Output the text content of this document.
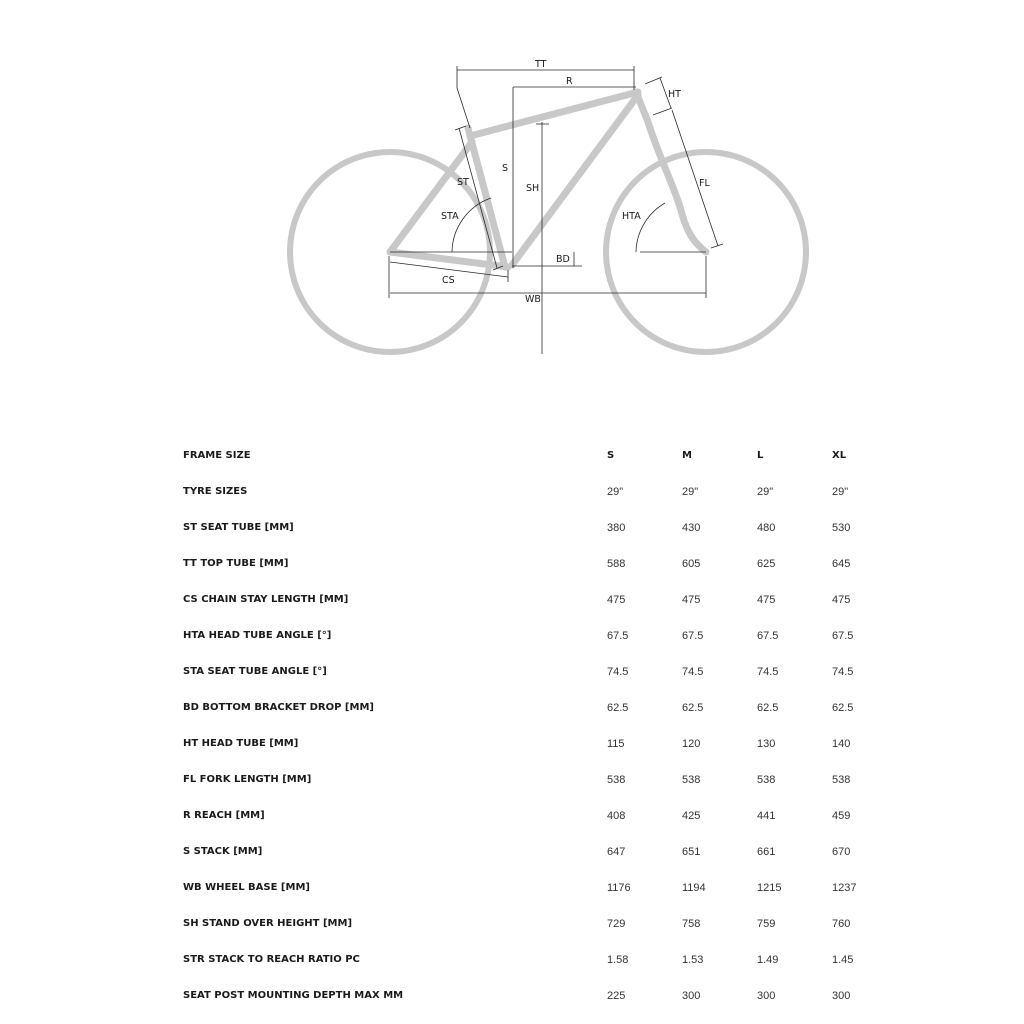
TT
R
HT
S
SH
ST
STA
FL
HTA
BD
CS
WB
FRAME SIZE	S	M	L	XL
TYRE SIZES	29"	29"	29"	29"
ST SEAT TUBE [MM]	380	430	480	530
TT TOP TUBE [MM]	588	605	625	645
CS CHAIN STAY LENGTH [MM]	475	475	475	475
HTA HEAD TUBE ANGLE [°]	67.5	67.5	67.5	67.5
STA SEAT TUBE ANGLE [°]	74.5	74.5	74.5	74.5
BD BOTTOM BRACKET DROP [MM]	62.5	62.5	62.5	62.5
HT HEAD TUBE [MM]	115	120	130	140
FL FORK LENGTH [MM]	538	538	538	538
R REACH [MM]	408	425	441	459
S STACK [MM]	647	651	661	670
WB WHEEL BASE [MM]	1176	1194	1215	1237
SH STAND OVER HEIGHT [MM]	729	758	759	760
STR STACK TO REACH RATIO PC	1.58	1.53	1.49	1.45
SEAT POST MOUNTING DEPTH MAX MM	225	300	300	300
